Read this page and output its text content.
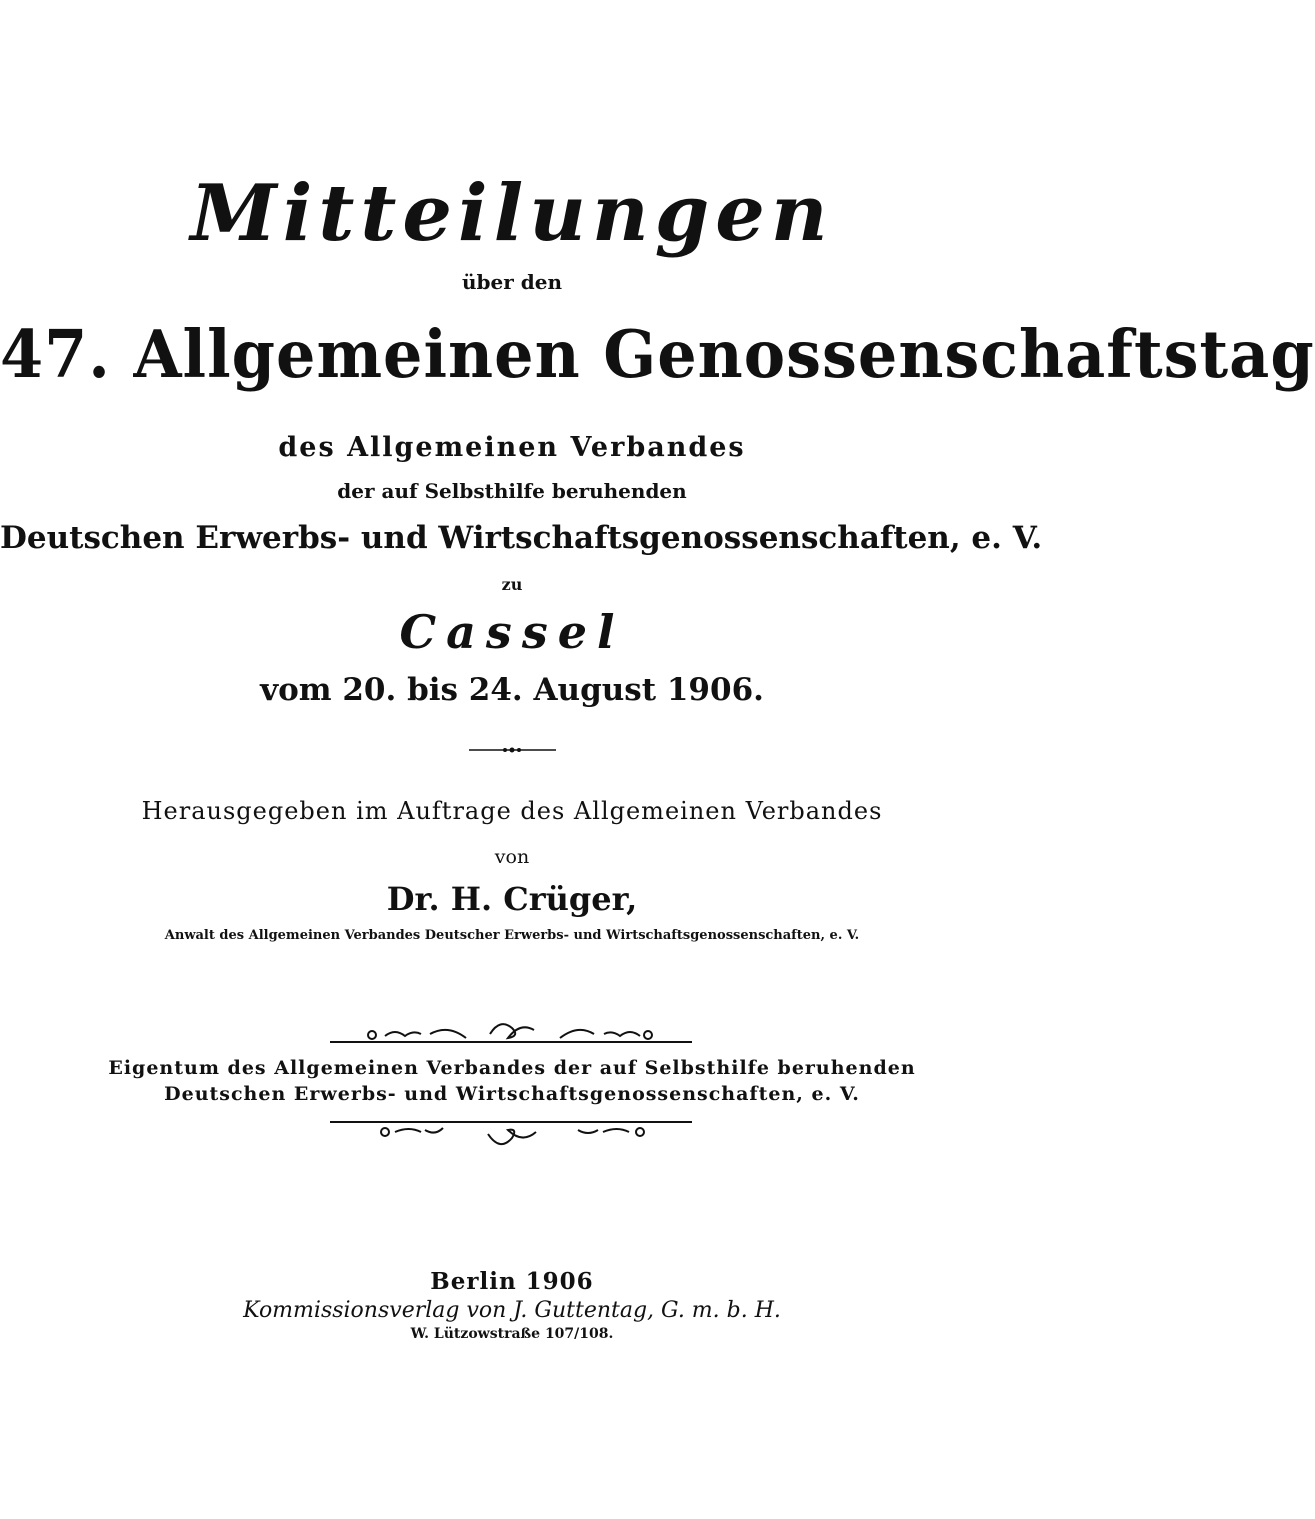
Mitteilungen
über den
47. Allgemeinen Genossenschaftstag
des Allgemeinen Verbandes
der auf Selbsthilfe beruhenden
Deutschen Erwerbs- und Wirtschaftsgenossenschaften, e. V.
zu
Cassel
vom 20. bis 24. August 1906.
Herausgegeben im Auftrage des Allgemeinen Verbandes
von
Dr. H. Crüger,
Anwalt des Allgemeinen Verbandes Deutscher Erwerbs- und Wirtschaftsgenossenschaften, e. V.
Eigentum des Allgemeinen Verbandes der auf Selbsthilfe beruhenden
Deutschen Erwerbs- und Wirtschaftsgenossenschaften, e. V.
Berlin 1906
Kommissionsverlag von J. Guttentag, G. m. b. H.
W. Lützowstraße 107/108.
